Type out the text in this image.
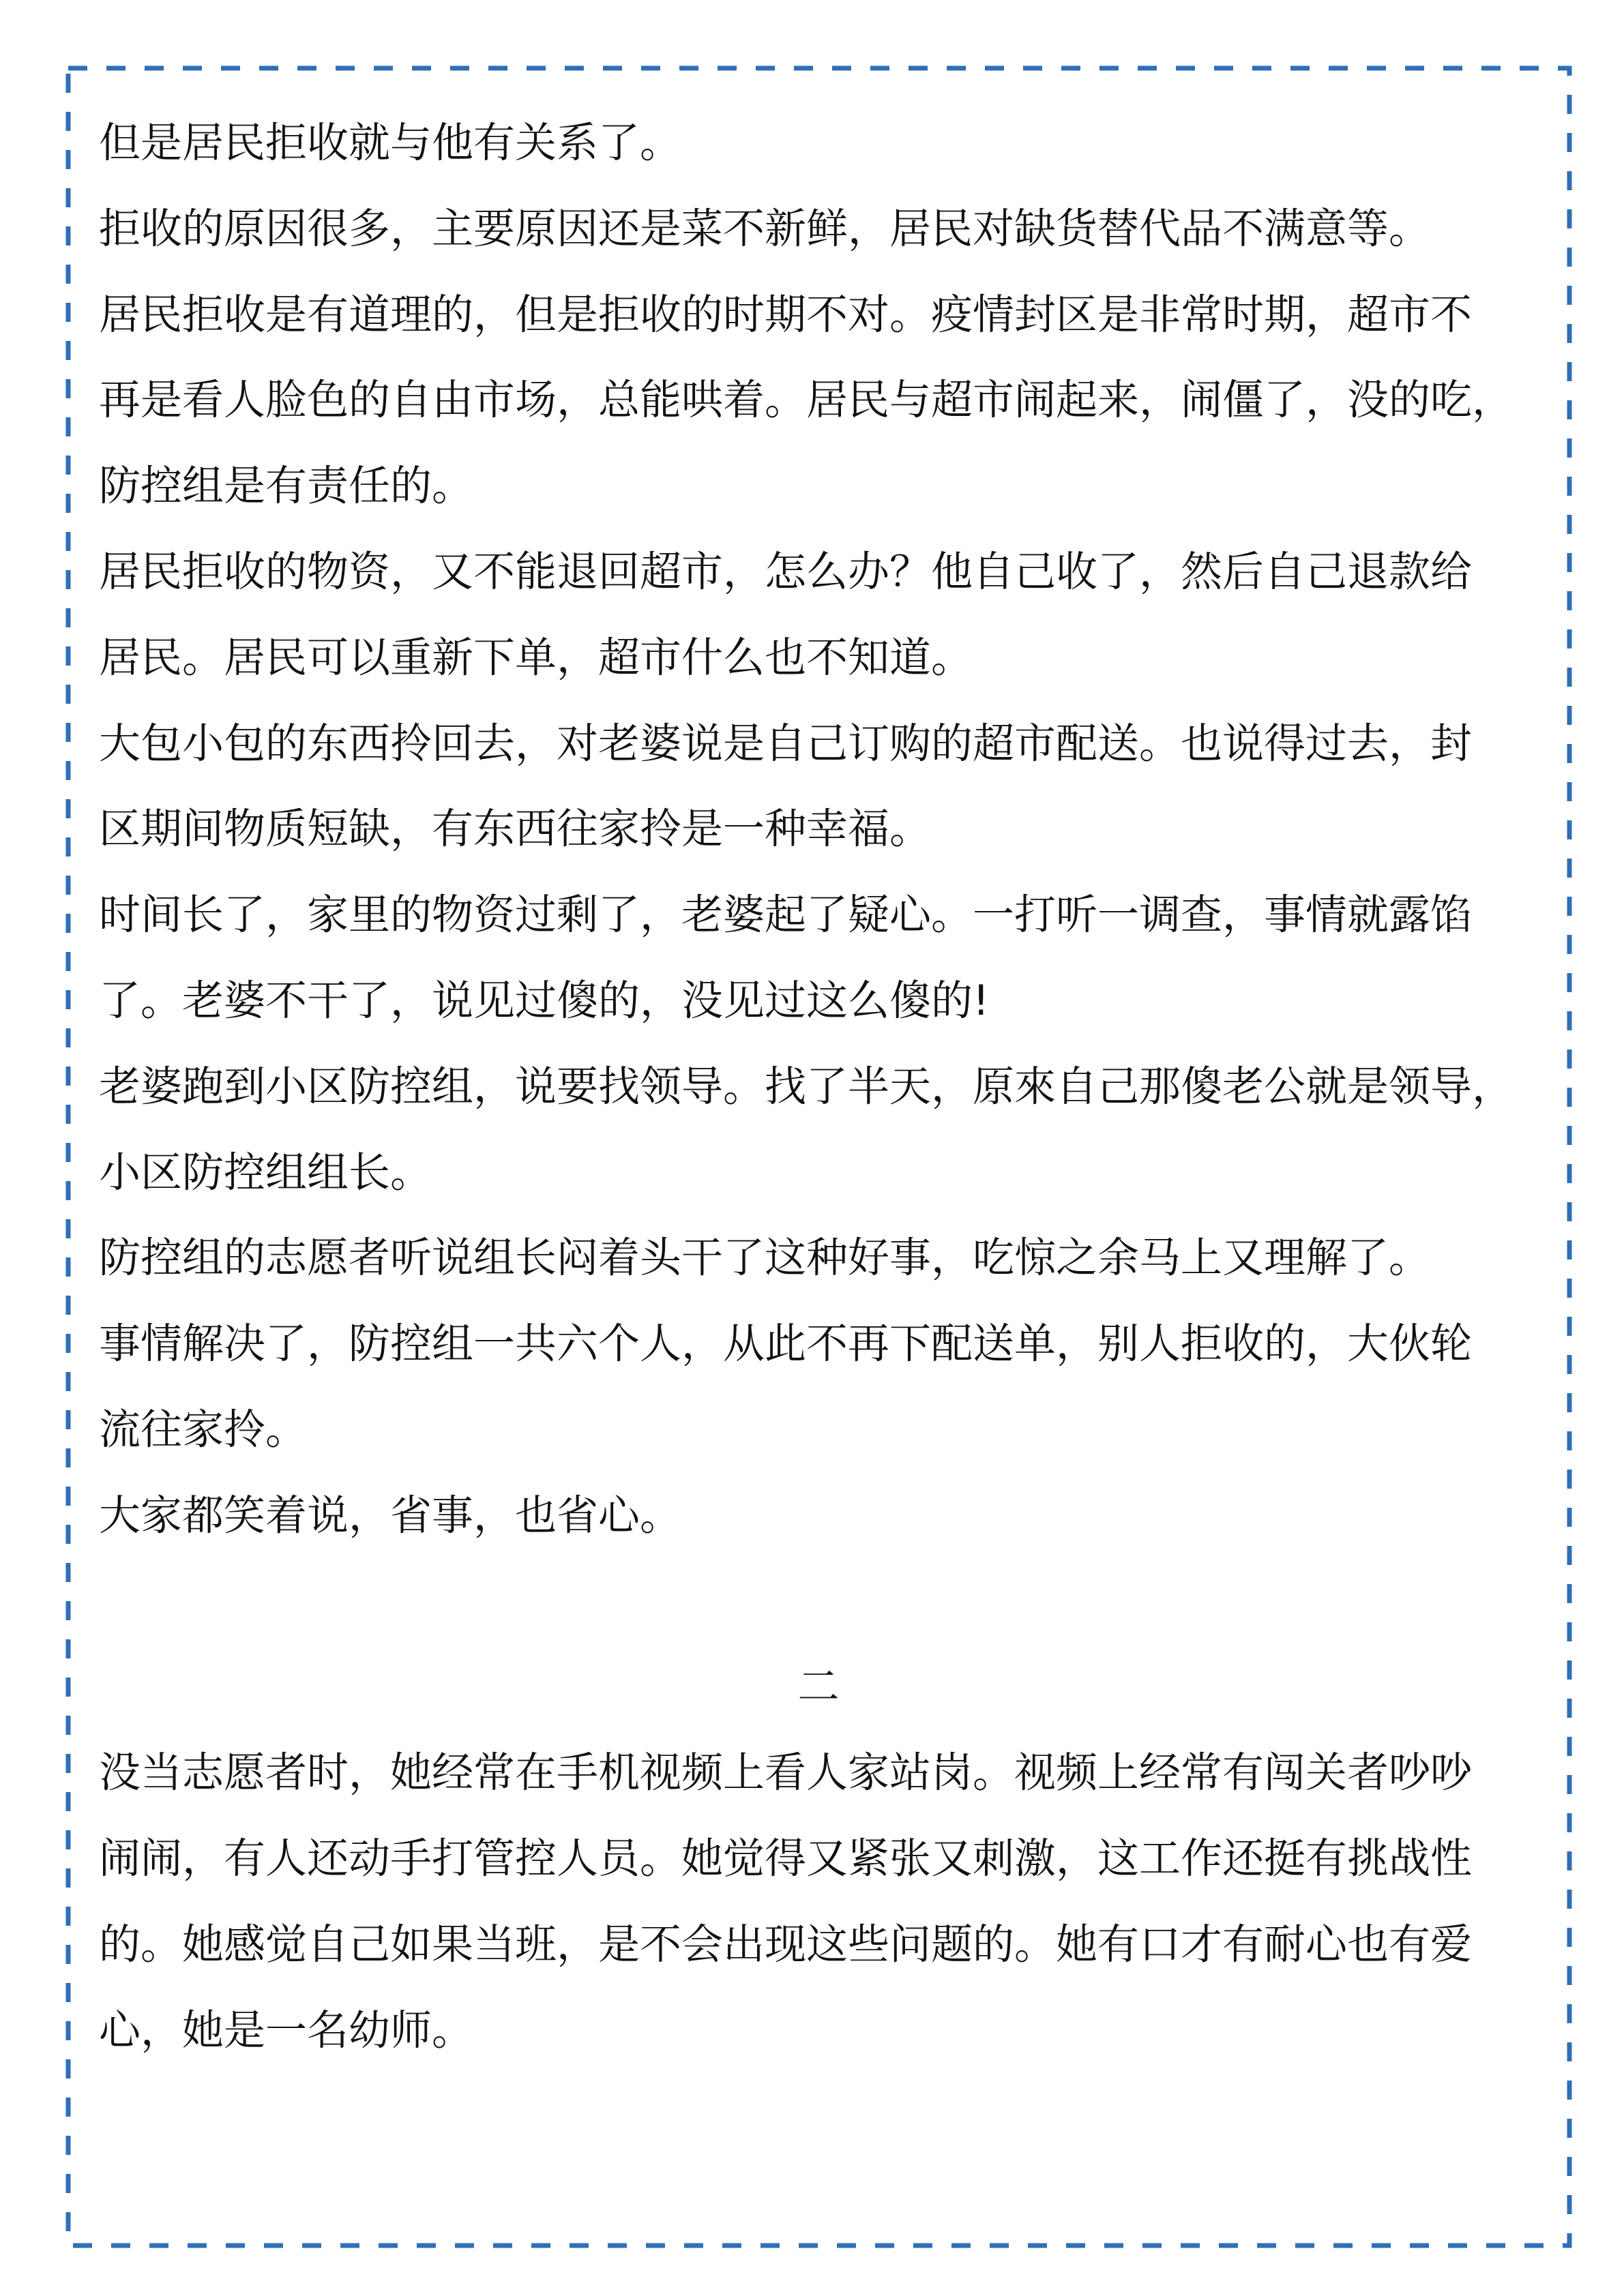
但是居民拒收就与他有关系了。
拒收的原因很多，主要原因还是菜不新鲜，居民对缺货替代品不满意等。
居民拒收是有道理的，但是拒收的时期不对。疫情封区是非常时期，超市不
再是看人脸色的自由市场，总能哄着。居民与超市闹起来，闹僵了，没的吃，
防控组是有责任的。
居民拒收的物资，又不能退回超市，怎么办？他自己收了，然后自己退款给
居民。居民可以重新下单，超市什么也不知道。
大包小包的东西拎回去，对老婆说是自己订购的超市配送。也说得过去，封
区期间物质短缺，有东西往家拎是一种幸福。
时间长了，家里的物资过剩了，老婆起了疑心。一打听一调查，事情就露馅
了。老婆不干了，说见过傻的，没见过这么傻的!
老婆跑到小区防控组，说要找领导。找了半天，原來自己那傻老公就是领导，
小区防控组组长。
防控组的志愿者听说组长闷着头干了这种好事，吃惊之余马上又理解了。
事情解决了，防控组一共六个人，从此不再下配送单，别人拒收的，大伙轮
流往家拎。
大家都笑着说，省事，也省心。
二
没当志愿者时，她经常在手机视频上看人家站岗。视频上经常有闯关者吵吵
闹闹，有人还动手打管控人员。她觉得又紧张又刺激，这工作还挺有挑战性
的。她感觉自己如果当班，是不会出现这些问题的。她有口才有耐心也有爱
心，她是一名幼师。
